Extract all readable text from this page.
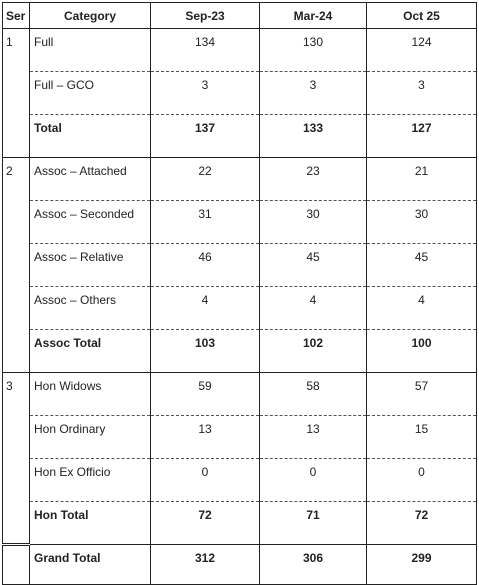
Ser	Category	Sep-23	Mar-24	Oct 25
1	Full	134	130	124
	Full – GCO	3	3	3
	Total	137	133	127
2	Assoc – Attached	22	23	21
	Assoc – Seconded	31	30	30
	Assoc – Relative	46	45	45
	Assoc – Others	4	4	4
	Assoc Total	103	102	100
3	Hon Widows	59	58	57
	Hon Ordinary	13	13	15
	Hon Ex Officio	0	0	0
	Hon Total	72	71	72
	Grand Total	312	306	299
